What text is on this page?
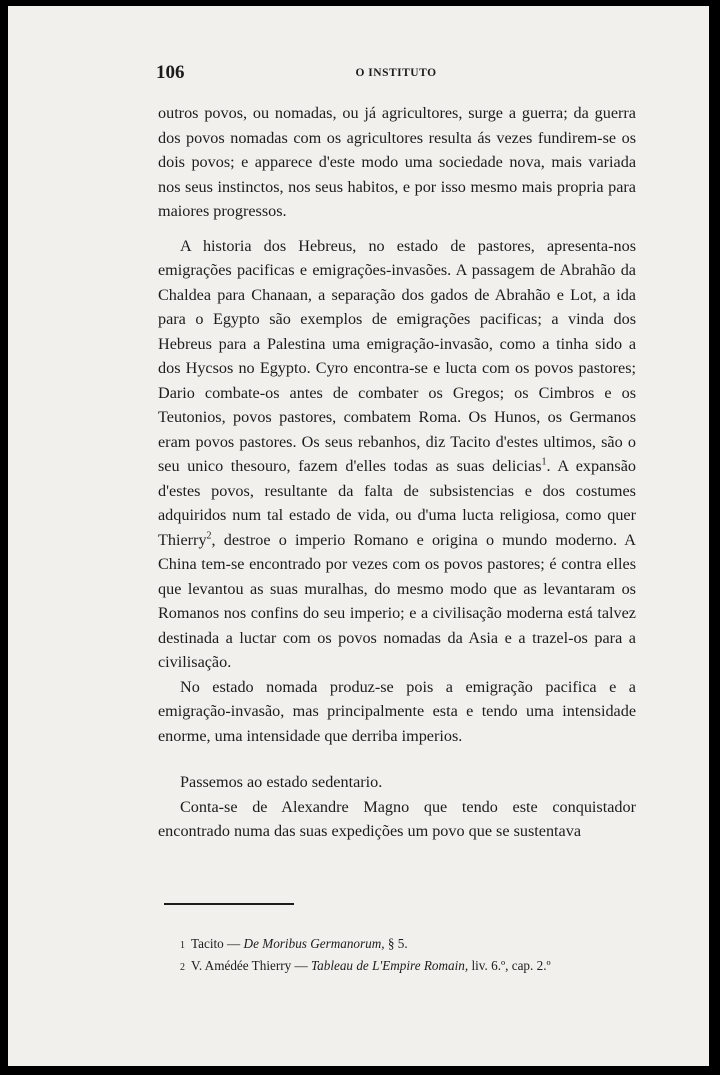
106	O INSTITUTO

outros povos, ou nomadas, ou já agricultores, surge a guerra; da guerra dos povos nomadas com os agricultores resulta ás vezes fundirem-se os dois povos; e apparece d'este modo uma sociedade nova, mais variada nos seus instinctos, nos seus habitos, e por isso mesmo mais propria para maiores progressos.

A historia dos Hebreus, no estado de pastores, apresenta-nos emigrações pacificas e emigrações-invasões. A passagem de Abrahão da Chaldea para Chanaan, a separação dos gados de Abrahão e Lot, a ida para o Egypto são exemplos de emigrações pacificas; a vinda dos Hebreus para a Palestina uma emigração-invasão, como a tinha sido a dos Hycsos no Egypto. Cyro encontra-se e lucta com os povos pastores; Dario combate-os antes de combater os Gregos; os Cimbros e os Teutonios, povos pastores, combatem Roma. Os Hunos, os Germanos eram povos pastores. Os seus rebanhos, diz Tacito d'estes ultimos, são o seu unico thesouro, fazem d'elles todas as suas delicias$^1$. A expansão d'estes povos, resultante da falta de subsistencias e dos costumes adquiridos num tal estado de vida, ou d'uma lucta religiosa, como quer Thierry$^2$, destroe o imperio Romano e origina o mundo moderno. A China tem-se encontrado por vezes com os povos pastores; é contra elles que levantou as suas muralhas, do mesmo modo que as levantaram os Romanos nos confins do seu imperio; e a civilisação moderna está talvez destinada a luctar com os povos nomadas da Asia e a trazel-os para a civilisação.

No estado nomada produz-se pois a emigração pacifica e a emigração-invasão, mas principalmente esta e tendo uma intensidade enorme, uma intensidade que derriba imperios.

Passemos ao estado sedentario.

Conta-se de Alexandre Magno que tendo este conquistador encontrado numa das suas expedições um povo que se sustentava

1 Tacito — De Moribus Germanorum, § 5.
2 V. Amédée Thierry — Tableau de L'Empire Romain, liv. 6.º, cap. 2.º
